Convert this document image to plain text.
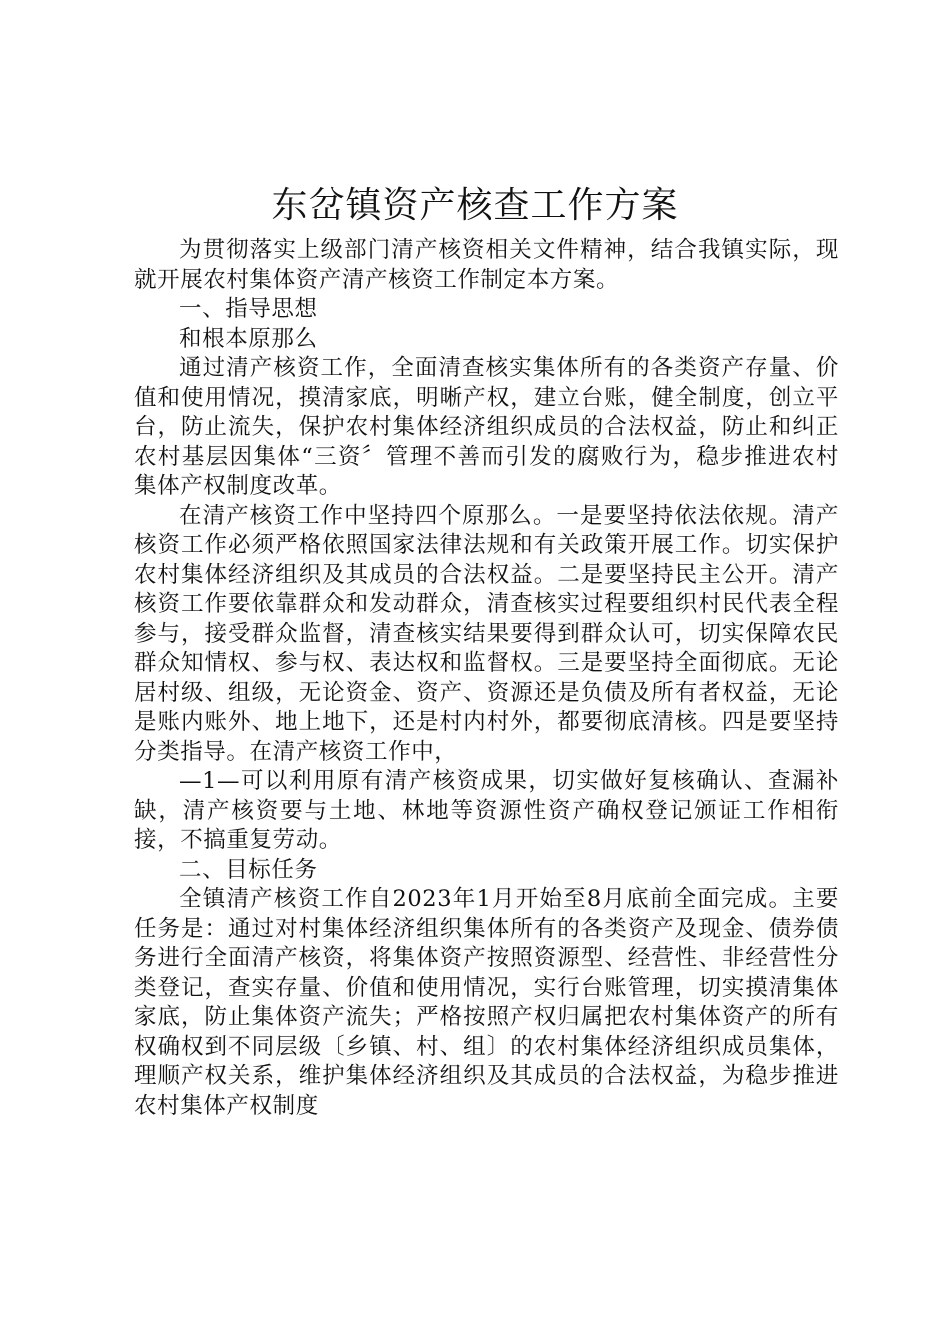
东岔镇资产核查工作方案

为贯彻落实上级部门清产核资相关文件精神，结合我镇实际，现就开展农村集体资产清产核资工作制定本方案。

一、指导思想

和根本原那么

通过清产核资工作，全面清查核实集体所有的各类资产存量、价值和使用情况，摸清家底，明晰产权，建立台账，健全制度，创立平台，防止流失，保护农村集体经济组织成员的合法权益，防止和纠正农村基层因集体“三资〞管理不善而引发的腐败行为，稳步推进农村集体产权制度改革。

在清产核资工作中坚持四个原那么。一是要坚持依法依规。清产核资工作必须严格依照国家法律法规和有关政策开展工作。切实保护农村集体经济组织及其成员的合法权益。二是要坚持民主公开。清产核资工作要依靠群众和发动群众，清查核实过程要组织村民代表全程参与，接受群众监督，清查核实结果要得到群众认可，切实保障农民群众知情权、参与权、表达权和监督权。三是要坚持全面彻底。无论居村级、组级，无论资金、资产、资源还是负债及所有者权益，无论是账内账外、地上地下，还是村内村外，都要彻底清核。四是要坚持分类指导。在清产核资工作中，

—1—可以利用原有清产核资成果，切实做好复核确认、查漏补缺，清产核资要与土地、林地等资源性资产确权登记颁证工作相衔接，不搞重复劳动。

二、目标任务

全镇清产核资工作自2023年1月开始至8月底前全面完成。主要任务是：通过对村集体经济组织集体所有的各类资产及现金、债券债务进行全面清产核资，将集体资产按照资源型、经营性、非经营性分类登记，查实存量、价值和使用情况，实行台账管理，切实摸清集体家底，防止集体资产流失；严格按照产权归属把农村集体资产的所有权确权到不同层级〔乡镇、村、组〕的农村集体经济组织成员集体，理顺产权关系，维护集体经济组织及其成员的合法权益，为稳步推进农村集体产权制度
